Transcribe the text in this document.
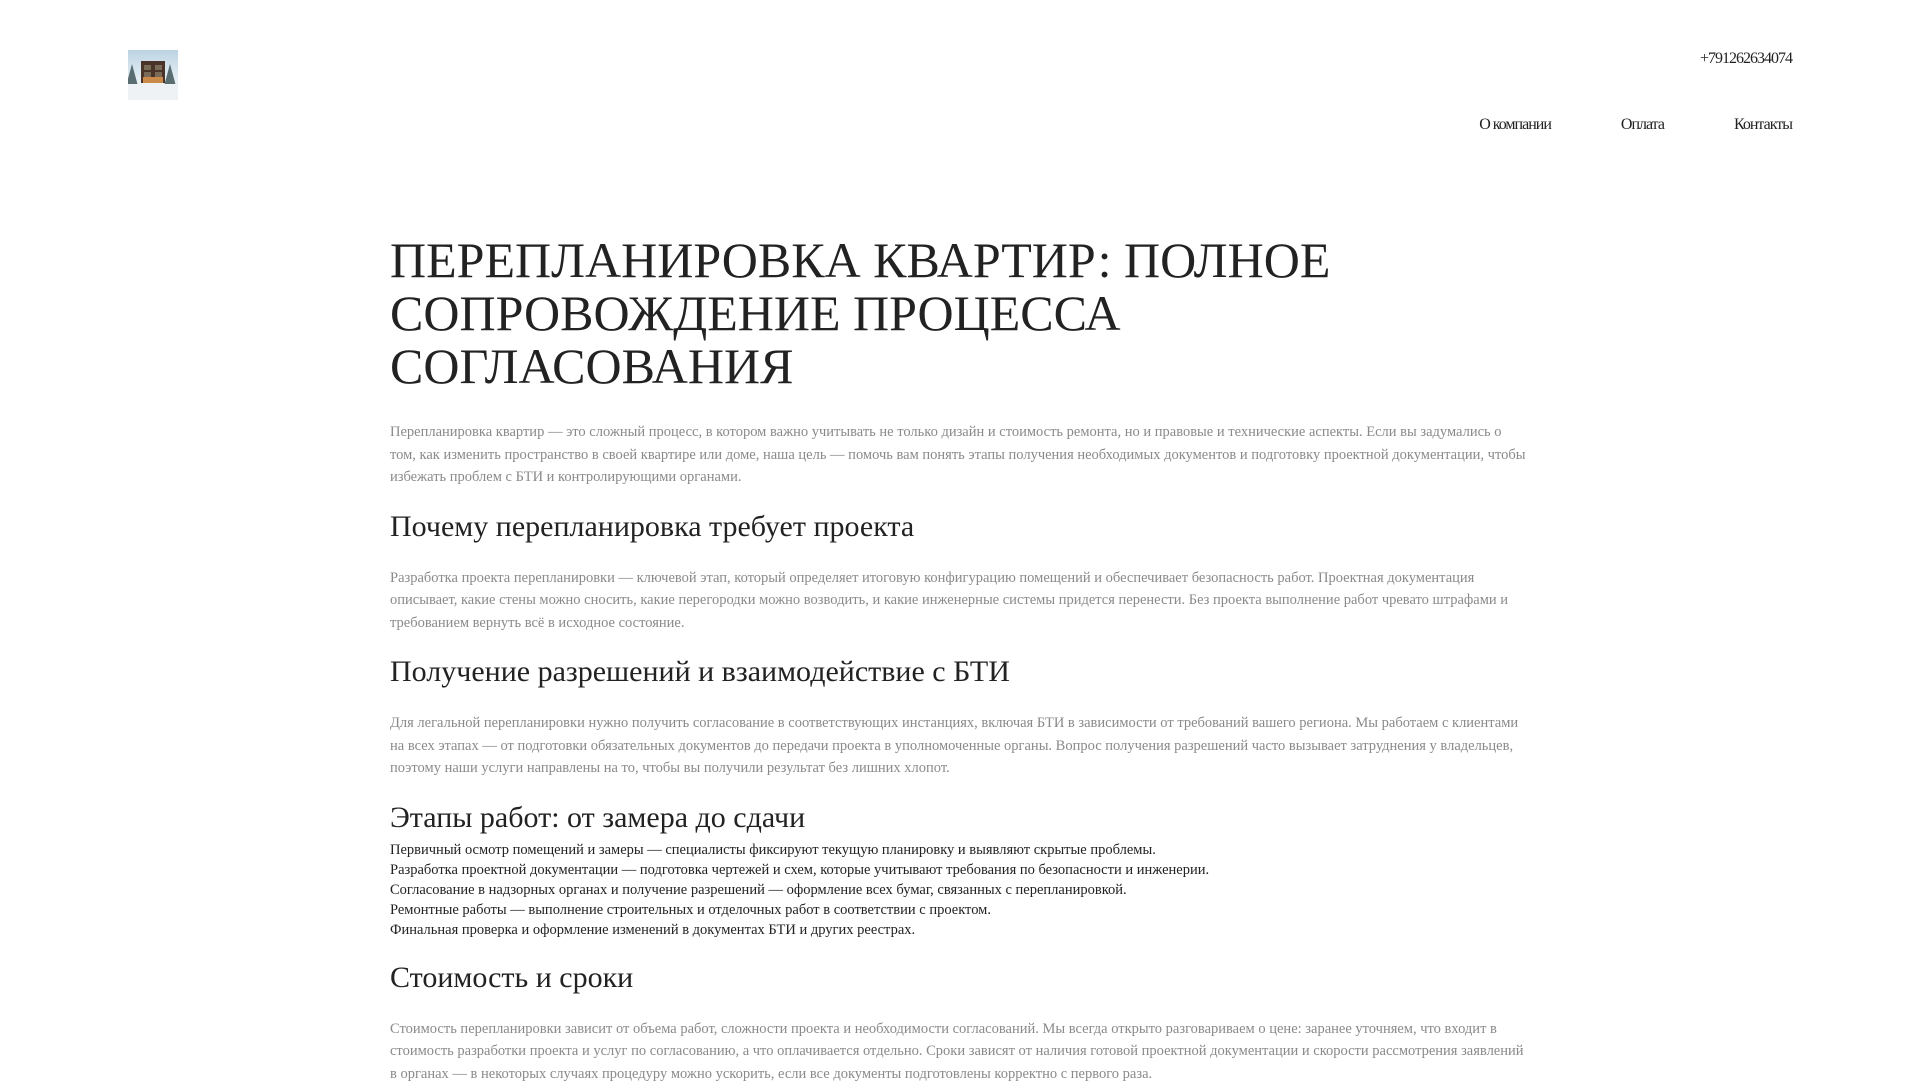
+791262634074
О компании	Оплата	Контакты
ПЕРЕПЛАНИРОВКА КВАРТИР: ПОЛНОЕ СОПРОВОЖДЕНИЕ ПРОЦЕССА СОГЛАСОВАНИЯ

Перепланировка квартир — это сложный процесс, в котором важно учитывать не только дизайн и стоимость ремонта, но и правовые и технические аспекты. Если вы задумались о том, как изменить пространство в своей квартире или доме, наша цель — помочь вам понять этапы получения необходимых документов и подготовку проектной документации, чтобы избежать проблем с БТИ и контролирующими органами.

Почему перепланировка требует проекта

Разработка проекта перепланировки — ключевой этап, который определяет итоговую конфигурацию помещений и обеспечивает безопасность работ. Проектная документация описывает, какие стены можно сносить, какие перегородки можно возводить, и какие инженерные системы придется перенести. Без проекта выполнение работ чревато штрафами и требованием вернуть всё в исходное состояние.

Получение разрешений и взаимодействие с БТИ

Для легальной перепланировки нужно получить согласование в соответствующих инстанциях, включая БТИ в зависимости от требований вашего региона. Мы работаем с клиентами на всех этапах — от подготовки обязательных документов до передачи проекта в уполномоченные органы. Вопрос получения разрешений часто вызывает затруднения у владельцев, поэтому наши услуги направлены на то, чтобы вы получили результат без лишних хлопот.

Этапы работ: от замера до сдачи
Первичный осмотр помещений и замеры — специалисты фиксируют текущую планировку и выявляют скрытые проблемы.
Разработка проектной документации — подготовка чертежей и схем, которые учитывают требования по безопасности и инженерии.
Согласование в надзорных органах и получение разрешений — оформление всех бумаг, связанных с перепланировкой.
Ремонтные работы — выполнение строительных и отделочных работ в соответствии с проектом.
Финальная проверка и оформление изменений в документах БТИ и других реестрах.
Стоимость и сроки

Стоимость перепланировки зависит от объема работ, сложности проекта и необходимости согласований. Мы всегда открыто разговариваем о цене: заранее уточняем, что входит в стоимость разработки проекта и услуг по согласованию, а что оплачивается отдельно. Сроки зависят от наличия готовой проектной документации и скорости рассмотрения заявлений в органах — в некоторых случаях процедуру можно ускорить, если все документы подготовлены корректно с первого раза.
